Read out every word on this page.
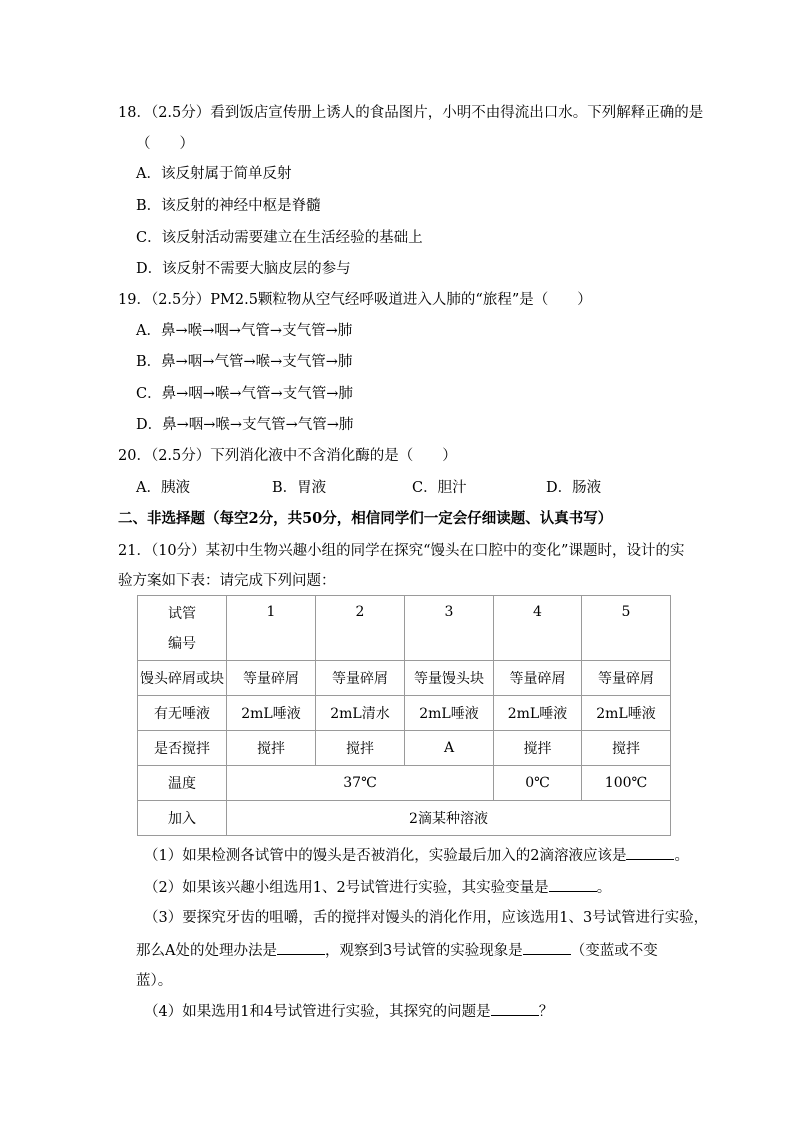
18．（2.5分）看到饭店宣传册上诱人的食品图片，小明不由得流出口水。下列解释正确的是
（　　）
A．该反射属于简单反射
B．该反射的神经中枢是脊髓
C．该反射活动需要建立在生活经验的基础上
D．该反射不需要大脑皮层的参与
19．（2.5分）PM2.5颗粒物从空气经呼吸道进入人肺的“旅程”是（　　）
A．鼻→喉→咽→气管→支气管→肺
B．鼻→咽→气管→喉→支气管→肺
C．鼻→咽→喉→气管→支气管→肺
D．鼻→咽→喉→支气管→气管→肺
20．（2.5分）下列消化液中不含消化酶的是（　　）
A．胰液	B．胃液	C．胆汁	D．肠液
二、非选择题（每空2分，共50分，相信同学们一定会仔细读题、认真书写）
21．（10分）某初中生物兴趣小组的同学在探究“馒头在口腔中的变化”课题时，设计的实
验方案如下表：请完成下列问题：
试管
编号	1	2	3	4	5

馒头碎屑或块	等量碎屑	等量碎屑	等量馒头块	等量碎屑	等量碎屑
有无唾液	2mL唾液	2mL清水	2mL唾液	2mL唾液	2mL唾液
是否搅拌	搅拌	搅拌	A	搅拌	搅拌
温度	37℃			0℃	100℃
加入	2滴某种溶液				
（1）如果检测各试管中的馒头是否被消化，实验最后加入的2滴溶液应该是	。
（2）如果该兴趣小组选用1、2号试管进行实验，其实验变量是	。
（3）要探究牙齿的咀嚼，舌的搅拌对馒头的消化作用，应该选用1、3号试管进行实验，
那么A处的处理办法是	，观察到3号试管的实验现象是	（变蓝或不变
蓝）。
（4）如果选用1和4号试管进行实验，其探究的问题是	？
